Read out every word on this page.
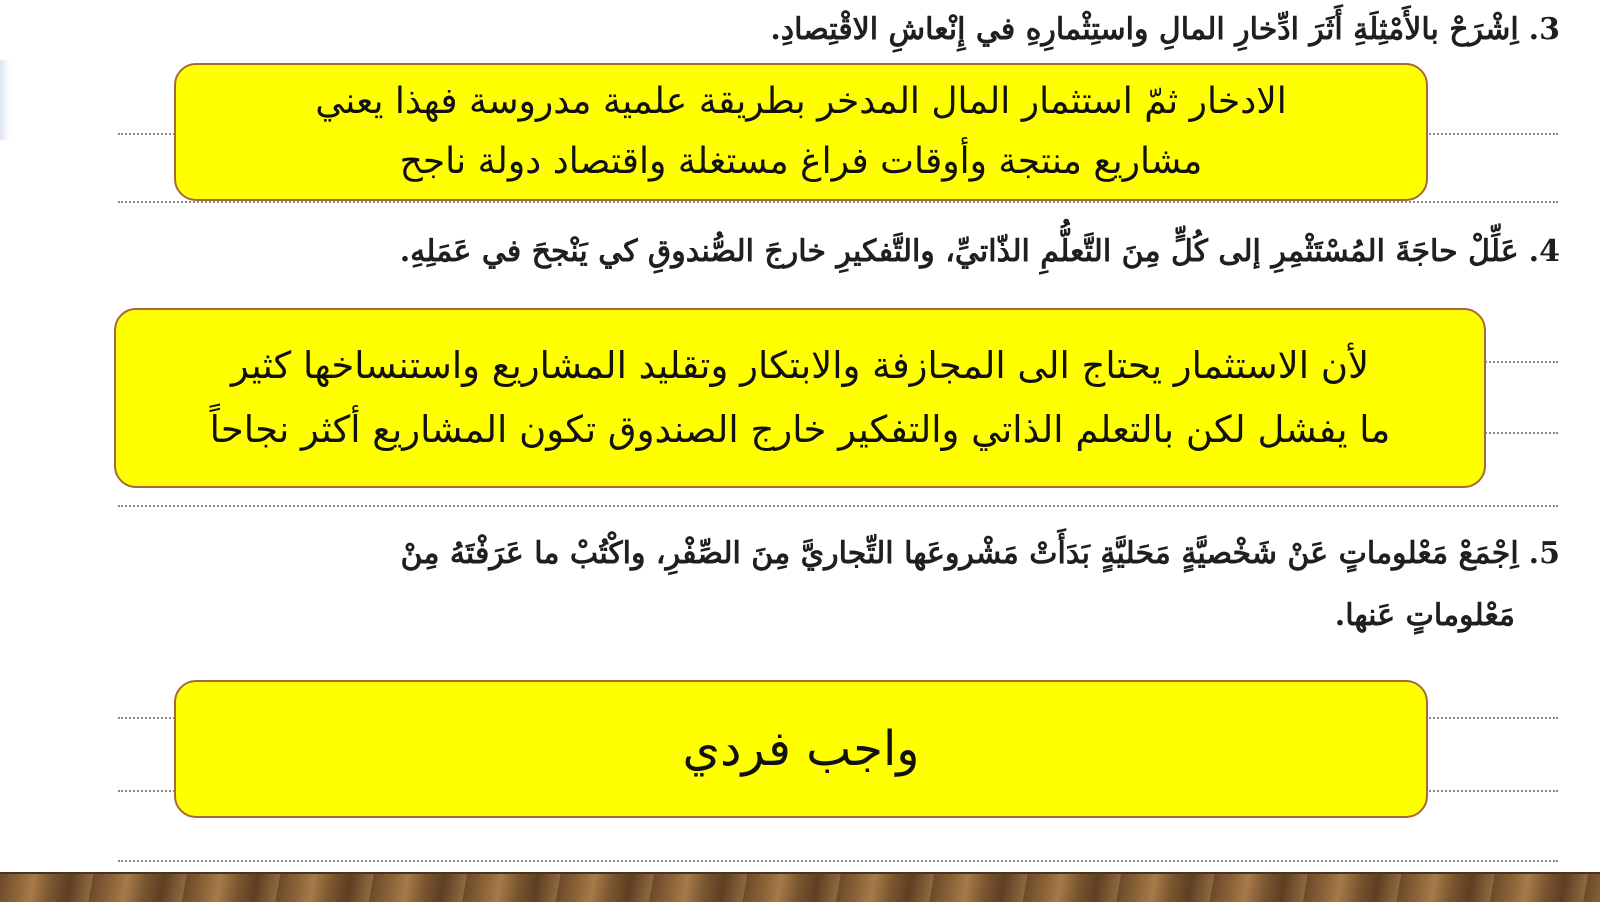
3.اِشْرَحْ بالأَمْثِلَةِ أَثَرَ ادِّخارِ المالِ واستِثْمارِهِ في إِنْعاشِ الاقْتِصادِ.
الادخار ثمّ استثمار المال المدخر بطريقة علمية مدروسة فهذا يعني
مشاريع منتجة وأوقات فراغ مستغلة واقتصاد دولة ناجح
4.عَلِّلْ حاجَةَ المُسْتَثْمِرِ إلى كُلٍّ مِنَ التَّعلُّمِ الذّاتيِّ، والتَّفكيرِ خارجَ الصُّندوقِ كي يَنْجحَ في عَمَلِهِ.
لأن الاستثمار يحتاج الى المجازفة والابتكار وتقليد المشاريع واستنساخها كثير
ما يفشل لكن بالتعلم الذاتي والتفكير خارج الصندوق تكون المشاريع أكثر نجاحاً
5.اِجْمَعْ مَعْلوماتٍ عَنْ شَخْصيَّةٍ مَحَليَّةٍ بَدَأَتْ مَشْروعَها التِّجاريَّ مِنَ الصِّفْرِ، واكْتُبْ ما عَرَفْتَهُ مِنْ
مَعْلوماتٍ عَنها.
واجب فردي
